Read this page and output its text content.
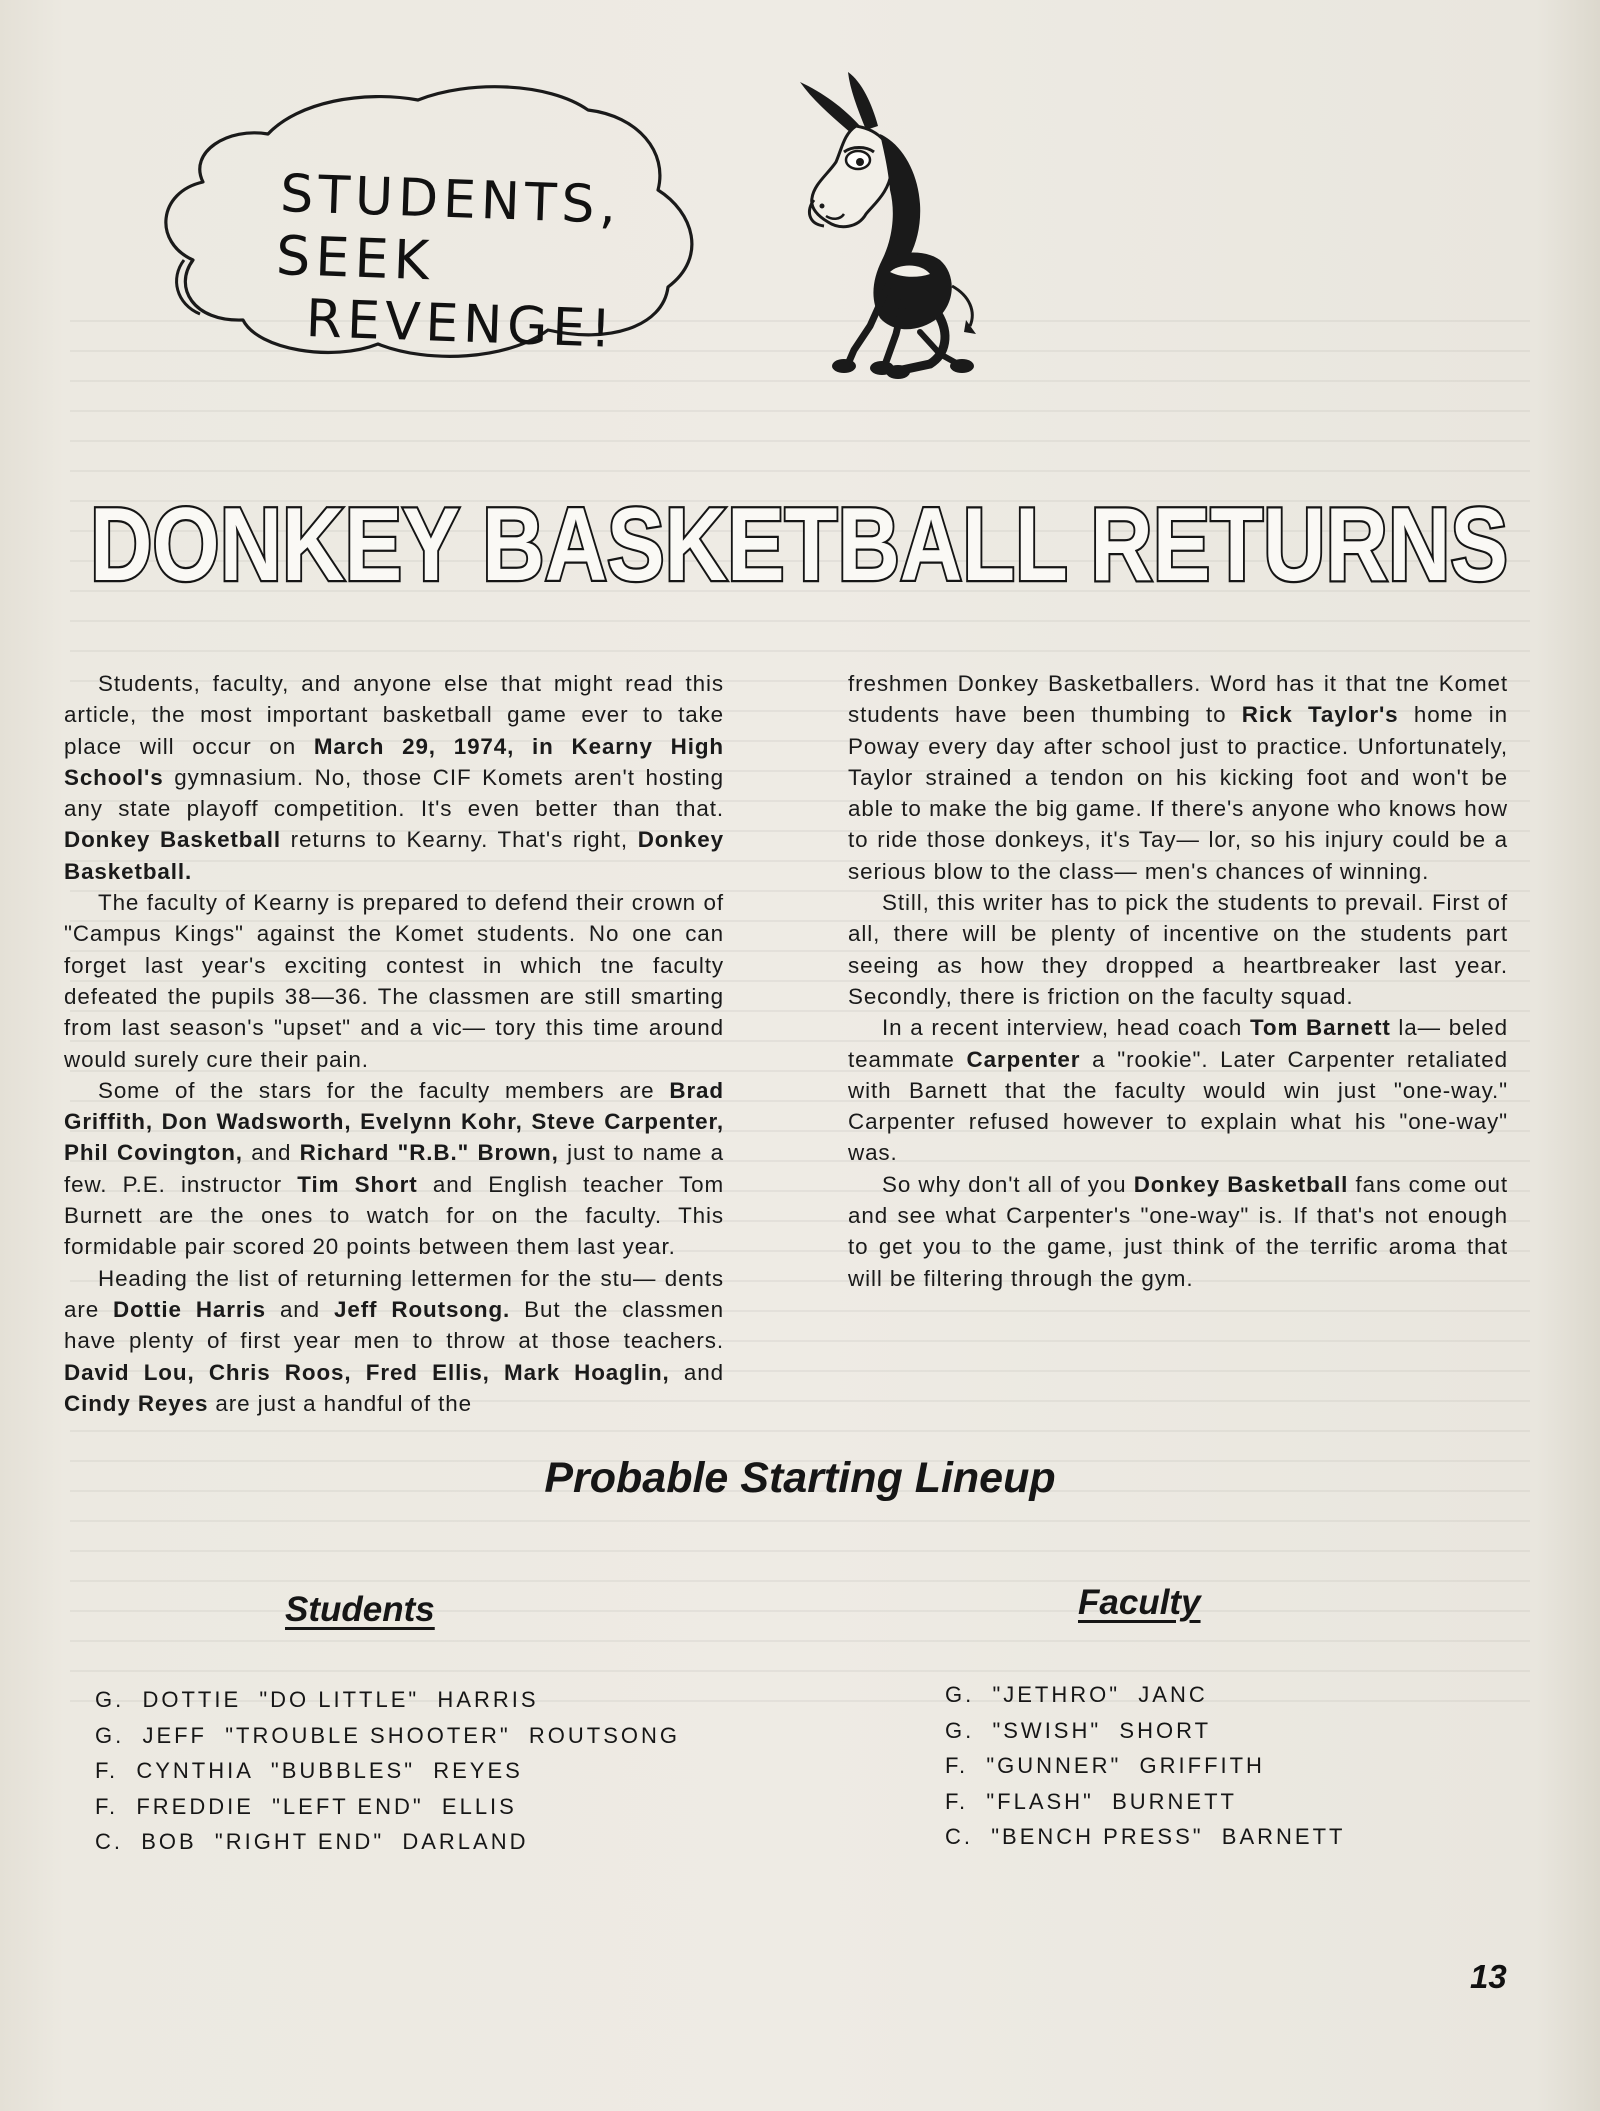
STUDENTS,
SEEK
REVENGE!
DONKEY BASKETBALL RETURNS

Students, faculty, and anyone else that might read this article, the most important basketball game ever to take place will occur on March 29, 1974, in Kearny High School's gymnasium. No, those CIF Komets aren't hosting any state playoff competition. It's even better than that. Donkey Basketball returns to Kearny. That's right, Donkey Basketball.

The faculty of Kearny is prepared to defend their crown of "Campus Kings" against the Komet students. No one can forget last year's exciting contest in which tne faculty defeated the pupils 38—36. The classmen are still smarting from last season's "upset" and a vic— tory this time around would surely cure their pain.

Some of the stars for the faculty members are Brad Griffith, Don Wadsworth, Evelynn Kohr, Steve Carpenter, Phil Covington, and Richard "R.B." Brown, just to name a few. P.E. instructor Tim Short and English teacher Tom Burnett are the ones to watch for on the faculty. This formidable pair scored 20 points between them last year.

Heading the list of returning lettermen for the stu— dents are Dottie Harris and Jeff Routsong. But the classmen have plenty of first year men to throw at those teachers. David Lou, Chris Roos, Fred Ellis, Mark Hoaglin, and Cindy Reyes are just a handful of the

freshmen Donkey Basketballers. Word has it that tne Komet students have been thumbing to Rick Taylor's home in Poway every day after school just to practice. Unfortunately, Taylor strained a tendon on his kicking foot and won't be able to make the big game. If there's anyone who knows how to ride those donkeys, it's Tay— lor, so his injury could be a serious blow to the class— men's chances of winning.

Still, this writer has to pick the students to prevail. First of all, there will be plenty of incentive on the students part seeing as how they dropped a heartbreaker last year. Secondly, there is friction on the faculty squad.

In a recent interview, head coach Tom Barnett la— beled teammate Carpenter a "rookie". Later Carpenter retaliated with Barnett that the faculty would win just "one-way." Carpenter refused however to explain what his "one-way" was.

So why don't all of you Donkey Basketball fans come out and see what Carpenter's "one-way" is. If that's not enough to get you to the game, just think of the terrific aroma that will be filtering through the gym.

Probable Starting Lineup
Students	Faculty
G.  DOTTIE  "DO LITTLE"  HARRIS
G.  JEFF  "TROUBLE SHOOTER"  ROUTSONG
F.  CYNTHIA  "BUBBLES"  REYES
F.  FREDDIE  "LEFT END"  ELLIS
C.  BOB  "RIGHT END"  DARLAND
G.  "JETHRO"  JANC
G.  "SWISH"  SHORT
F.  "GUNNER"  GRIFFITH
F.  "FLASH"  BURNETT
C.  "BENCH PRESS"  BARNETT
13
